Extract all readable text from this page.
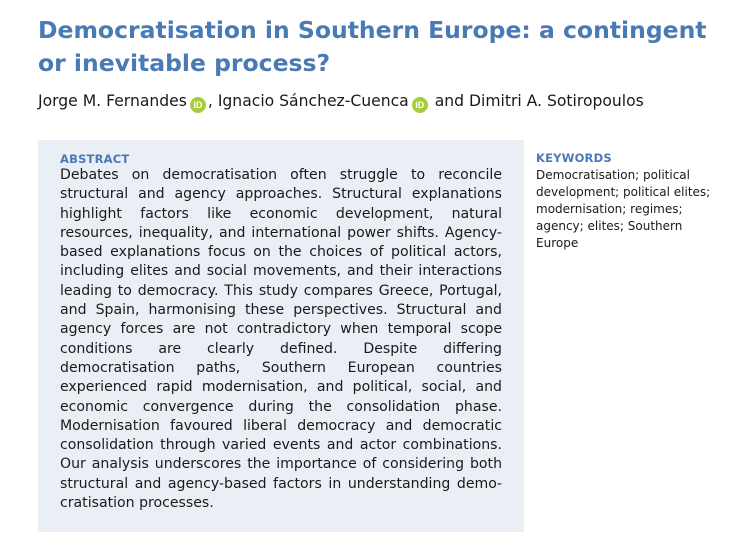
Democratisation in Southern Europe: a contingent or inevitable process?
Jorge M. Fernandes iD , Ignacio Sánchez-Cuenca iD and Dimitri A. Sotiropoulos
ABSTRACT
Debates on democratisation often struggle to reconcile structural and agency approaches. Structural explanations highlight factors like economic development, natural resources, inequality, and international power shifts. Agency-based explanations focus on the choices of political actors, including elites and social movements, and their interactions leading to democracy. This study compares Greece, Portugal, and Spain, harmonising these perspectives. Structural and agency forces are not contradictory when temporal scope conditions are clearly defined. Despite differing democratisation paths, Southern European countries experienced rapid modernisation, and political, social, and economic convergence during the consolidation phase. Modernisation favoured liberal democracy and democratic consolidation through varied events and actor combinations. Our analysis underscores the importance of considering both structural and agency-based factors in understanding democratisation processes.
KEYWORDS
Democratisation; political development; political elites; modernisation; regimes; agency; elites; Southern Europe
